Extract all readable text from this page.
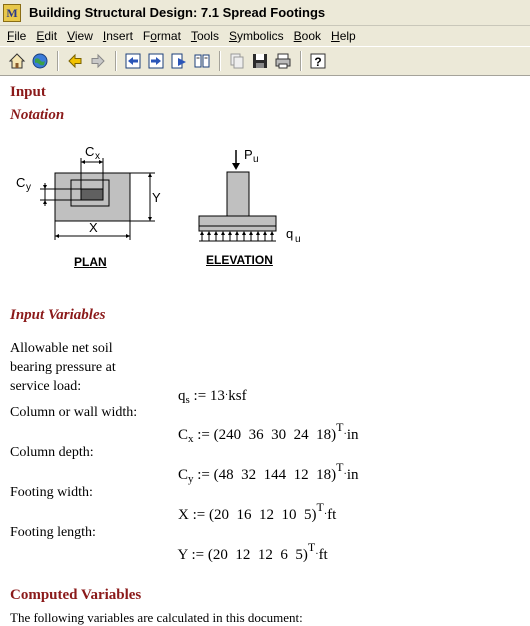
M Building Structural Design: 7.1 Spread Footings
File Edit View Insert Format Tools Symbolics Book Help
?
Input
Notation
C x
C y
Y
X
PLAN
P u
q u
ELEVATION
Input Variables
Allowable net soil bearing pressure at service load:

$q_s$ := 13·ksf

Column or wall width:

$C_x$ := (240  36  30  24  18)$^T$·in

Column depth:

$C_y$ := (48  32  144  12  18)$^T$·in

Footing width:

X := (20  16  12  10  5)$^T$·ft

Footing length:

Y := (20  12  12  6  5)$^T$·ft

Computed Variables
The following variables are calculated in this document:
